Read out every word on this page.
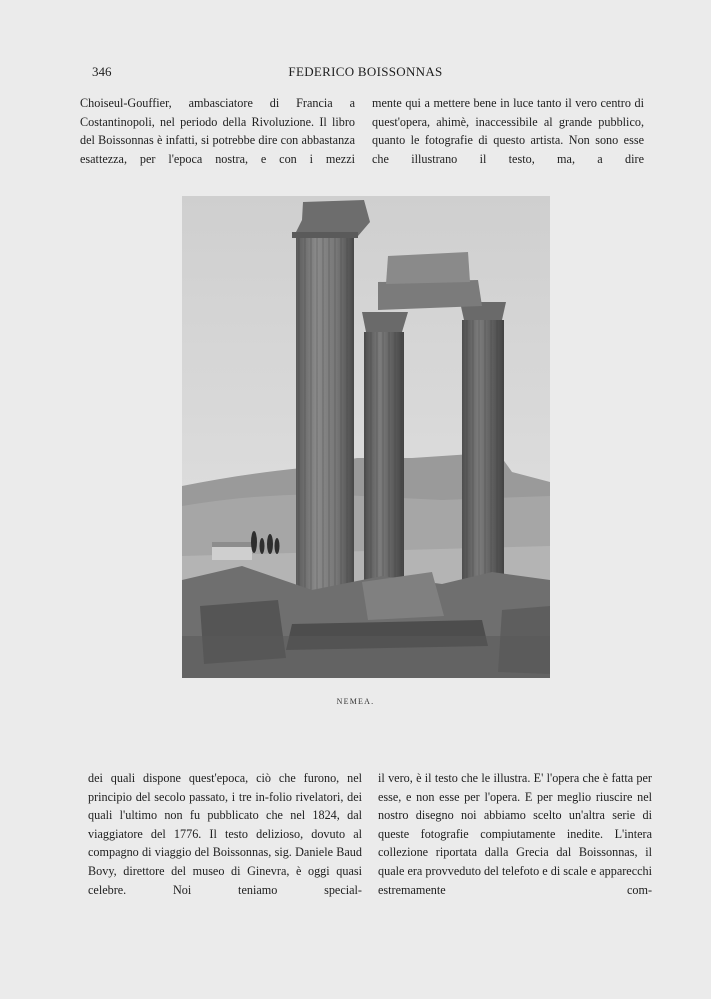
346	FEDERICO BOISSONNAS

Choiseul-Gouffier, ambasciatore di Francia a Costantinopoli, nel periodo della Rivoluzione. Il libro del Boissonnas è infatti, si potrebbe dire con abbastanza esattezza, per l'epoca nostra, e con i mezzi

mente qui a mettere bene in luce tanto il vero centro di quest'opera, ahimè, inaccessibile al grande pubblico, quanto le fotografie di questo artista. Non sono esse che illustrano il testo, ma, a dire

NEMEA.

dei quali dispone quest'epoca, ciò che furono, nel principio del secolo passato, i tre in-folio rivelatori, dei quali l'ultimo non fu pubblicato che nel 1824, dal viaggiatore del 1776. Il testo delizioso, dovuto al compagno di viaggio del Boissonnas, sig. Daniele Baud Bovy, direttore del museo di Ginevra, è oggi quasi celebre. Noi teniamo special-

il vero, è il testo che le illustra. E' l'opera che è fatta per esse, e non esse per l'opera. E per meglio riuscire nel nostro disegno noi abbiamo scelto un'altra serie di queste fotografie compiutamente inedite. L'intera collezione riportata dalla Grecia dal Boissonnas, il quale era provveduto del telefoto e di scale e apparecchi estremamente com-
